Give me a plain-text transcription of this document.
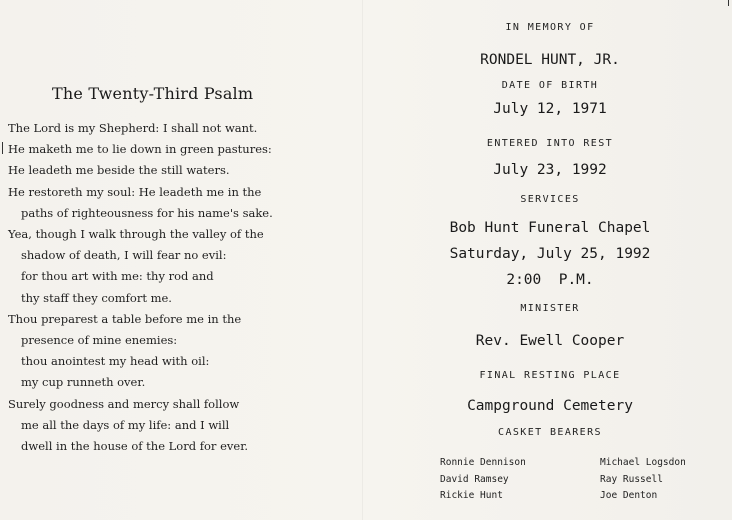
The Twenty-Third Psalm
The Lord is my Shepherd: I shall not want.
He maketh me to lie down in green pastures:
He leadeth me beside the still waters.
He restoreth my soul: He leadeth me in the
paths of righteousness for his name's sake.
Yea, though I walk through the valley of the
shadow of death, I will fear no evil:
for thou art with me: thy rod and
thy staff they comfort me.
Thou preparest a table before me in the
presence of mine enemies:
thou anointest my head with oil:
my cup runneth over.
Surely goodness and mercy shall follow
me all the days of my life: and I will
dwell in the house of the Lord for ever.
IN MEMORY OF
RONDEL HUNT, JR.
DATE OF BIRTH
July 12, 1971
ENTERED INTO REST
July 23, 1992
SERVICES
Bob Hunt Funeral Chapel
Saturday, July 25, 1992
2:00  P.M.
MINISTER
Rev. Ewell Cooper
FINAL RESTING PLACE
Campground Cemetery
CASKET BEARERS
Ronnie Dennison
David Ramsey
Rickie Hunt
Michael Logsdon
Ray Russell
Joe Denton
